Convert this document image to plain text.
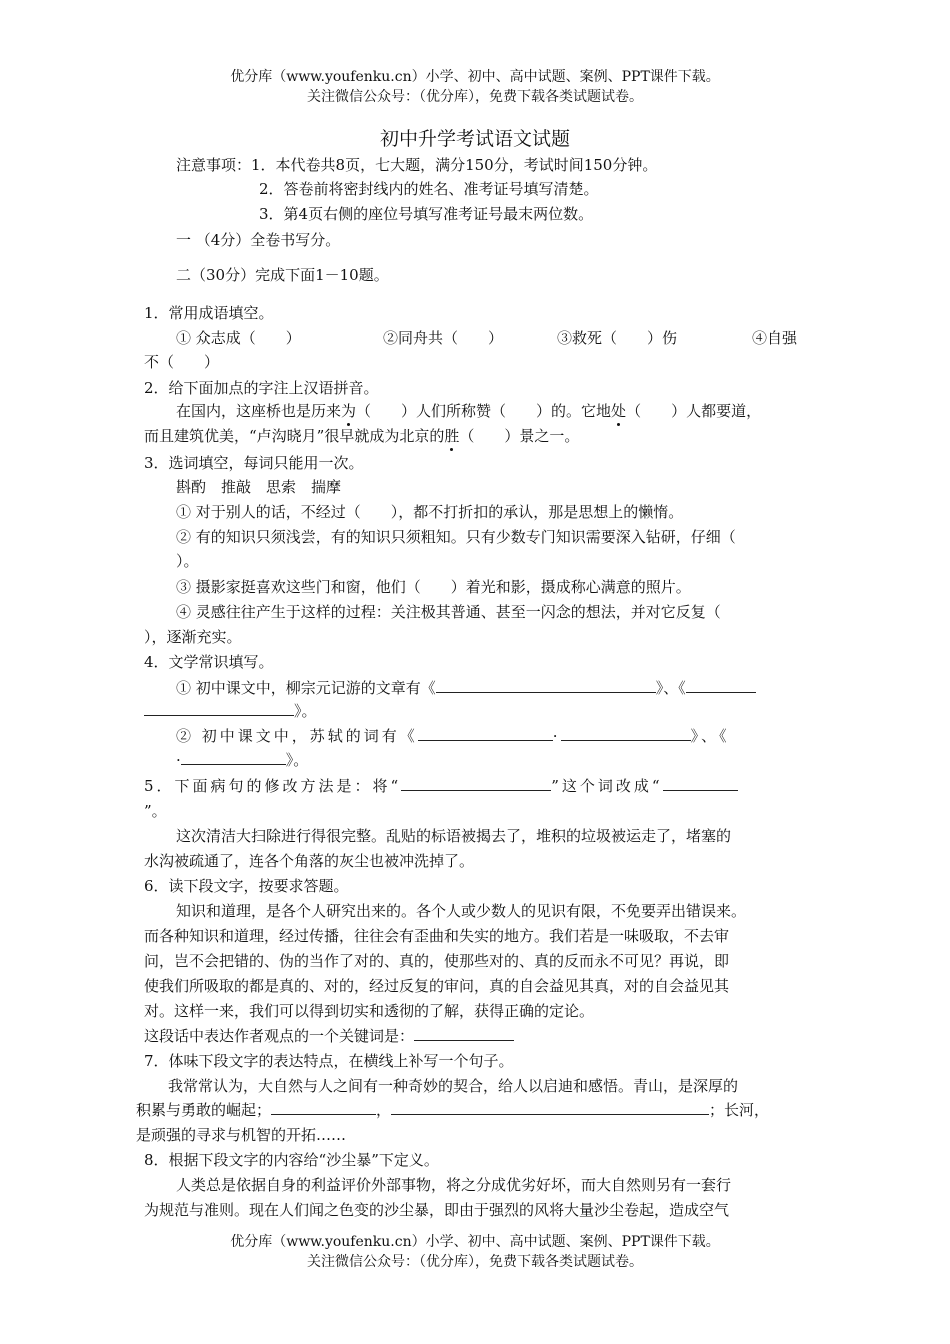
优分库（www.youfenku.cn）小学、初中、高中试题、案例、PPT课件下载。
关注微信公众号：（优分库），免费下载各类试题试卷。
初中升学考试语文试题
注意事项：1．本代卷共8页，七大题，满分150分，考试时间150分钟。
2．答卷前将密封线内的姓名、准考证号填写清楚。
3．第4页右侧的座位号填写准考证号最末两位数。
一 （4分）全卷书写分。
二（30分）完成下面1－10题。
1．常用成语填空。
① 众志成（　　）	②同舟共（　　）	③救死（　　）伤	④自强
不（　　）
2．给下面加点的字注上汉语拼音。
在国内，这座桥也是历来为（　　）人们所称赞（　　）的。它地处（　　）人都要道，
而且建筑优美，“卢沟晓月”很早就成为北京的胜（　　）景之一。
3．选词填空，每词只能用一次。
斟酌　推敲　思索　揣摩
① 对于别人的话，不经过（　　），都不打折扣的承认，那是思想上的懒惰。
② 有的知识只须浅尝，有的知识只须粗知。只有少数专门知识需要深入钻研，仔细（
）。
③ 摄影家挺喜欢这些门和窗，他们（　　）着光和影，摄成称心满意的照片。
④ 灵感往往产生于这样的过程：关注极其普通、甚至一闪念的想法，并对它反复（
），逐渐充实。
4．文学常识填写。
① 初中课文中，柳宗元记游的文章有《	》、《
》。
② 初中课文中，苏轼的词有《	·	》、《
·	》。
5．下面病句的修改方法是：将“	”这个词改成“
”。
这次清洁大扫除进行得很完整。乱贴的标语被揭去了，堆积的垃圾被运走了，堵塞的
水沟被疏通了，连各个角落的灰尘也被冲洗掉了。
6．读下段文字，按要求答题。
知识和道理，是各个人研究出来的。各个人或少数人的见识有限，不免要弄出错误来。
而各种知识和道理，经过传播，往往会有歪曲和失实的地方。我们若是一味吸取，不去审
问，岂不会把错的、伪的当作了对的、真的，使那些对的、真的反而永不可见？再说，即
使我们所吸取的都是真的、对的，经过反复的审问，真的自会益见其真，对的自会益见其
对。这样一来，我们可以得到切实和透彻的了解，获得正确的定论。
这段话中表达作者观点的一个关键词是：
7．体味下段文字的表达特点，在横线上补写一个句子。
我常常认为，大自然与人之间有一种奇妙的契合，给人以启迪和感悟。青山，是深厚的
积累与勇敢的崛起；	，	；长河，
是顽强的寻求与机智的开拓……
8．根据下段文字的内容给“沙尘暴”下定义。
人类总是依据自身的利益评价外部事物，将之分成优劣好坏，而大自然则另有一套行
为规范与准则。现在人们闻之色变的沙尘暴，即由于强烈的风将大量沙尘卷起，造成空气
优分库（www.youfenku.cn）小学、初中、高中试题、案例、PPT课件下载。
关注微信公众号：（优分库），免费下载各类试题试卷。
